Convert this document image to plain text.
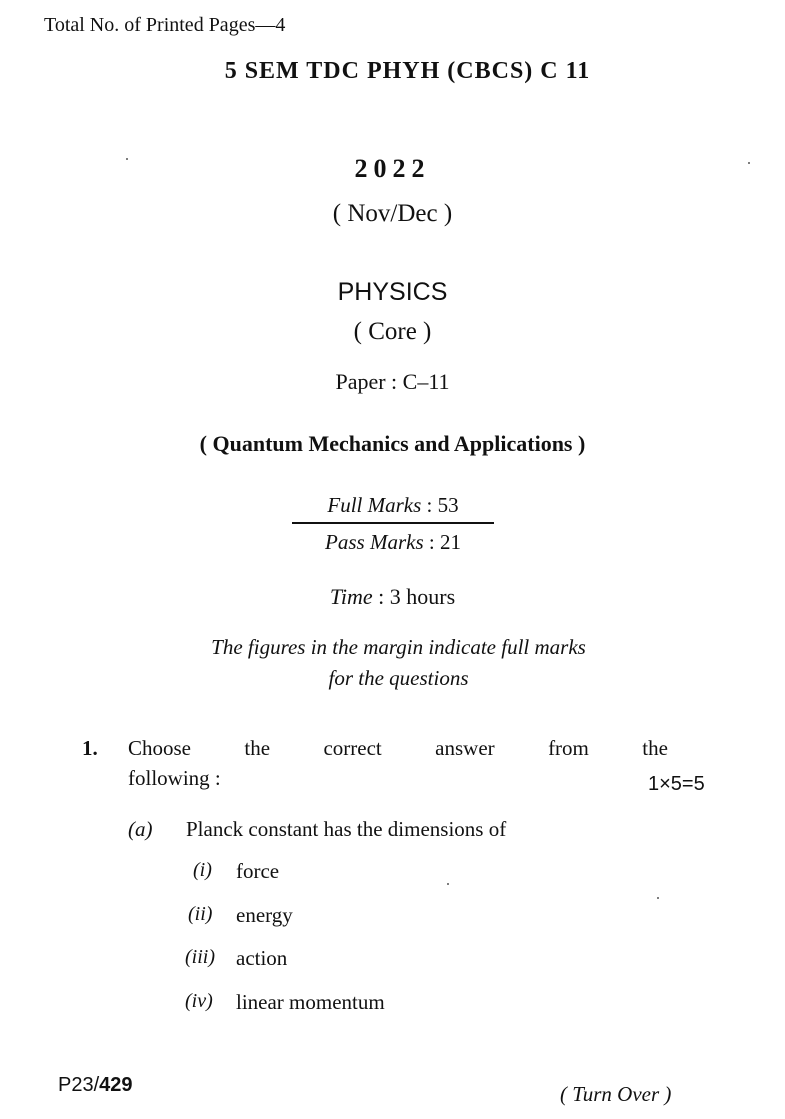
Total No. of Printed Pages—4
5 SEM TDC PHYH (CBCS) C 11
2022
( Nov/Dec )
PHYSICS
( Core )
Paper : C–11
( Quantum Mechanics and Applications )
Full Marks : 53
Pass Marks : 21
Time : 3 hours
The figures in the margin indicate full marks
for the questions
1. Choose	the	correct	answer	from	the
following :	1×5=5
(a) Planck constant has the dimensions of
(i) force
(ii) energy
(iii) action
(iv) linear momentum
P23/429	( Turn Over )
